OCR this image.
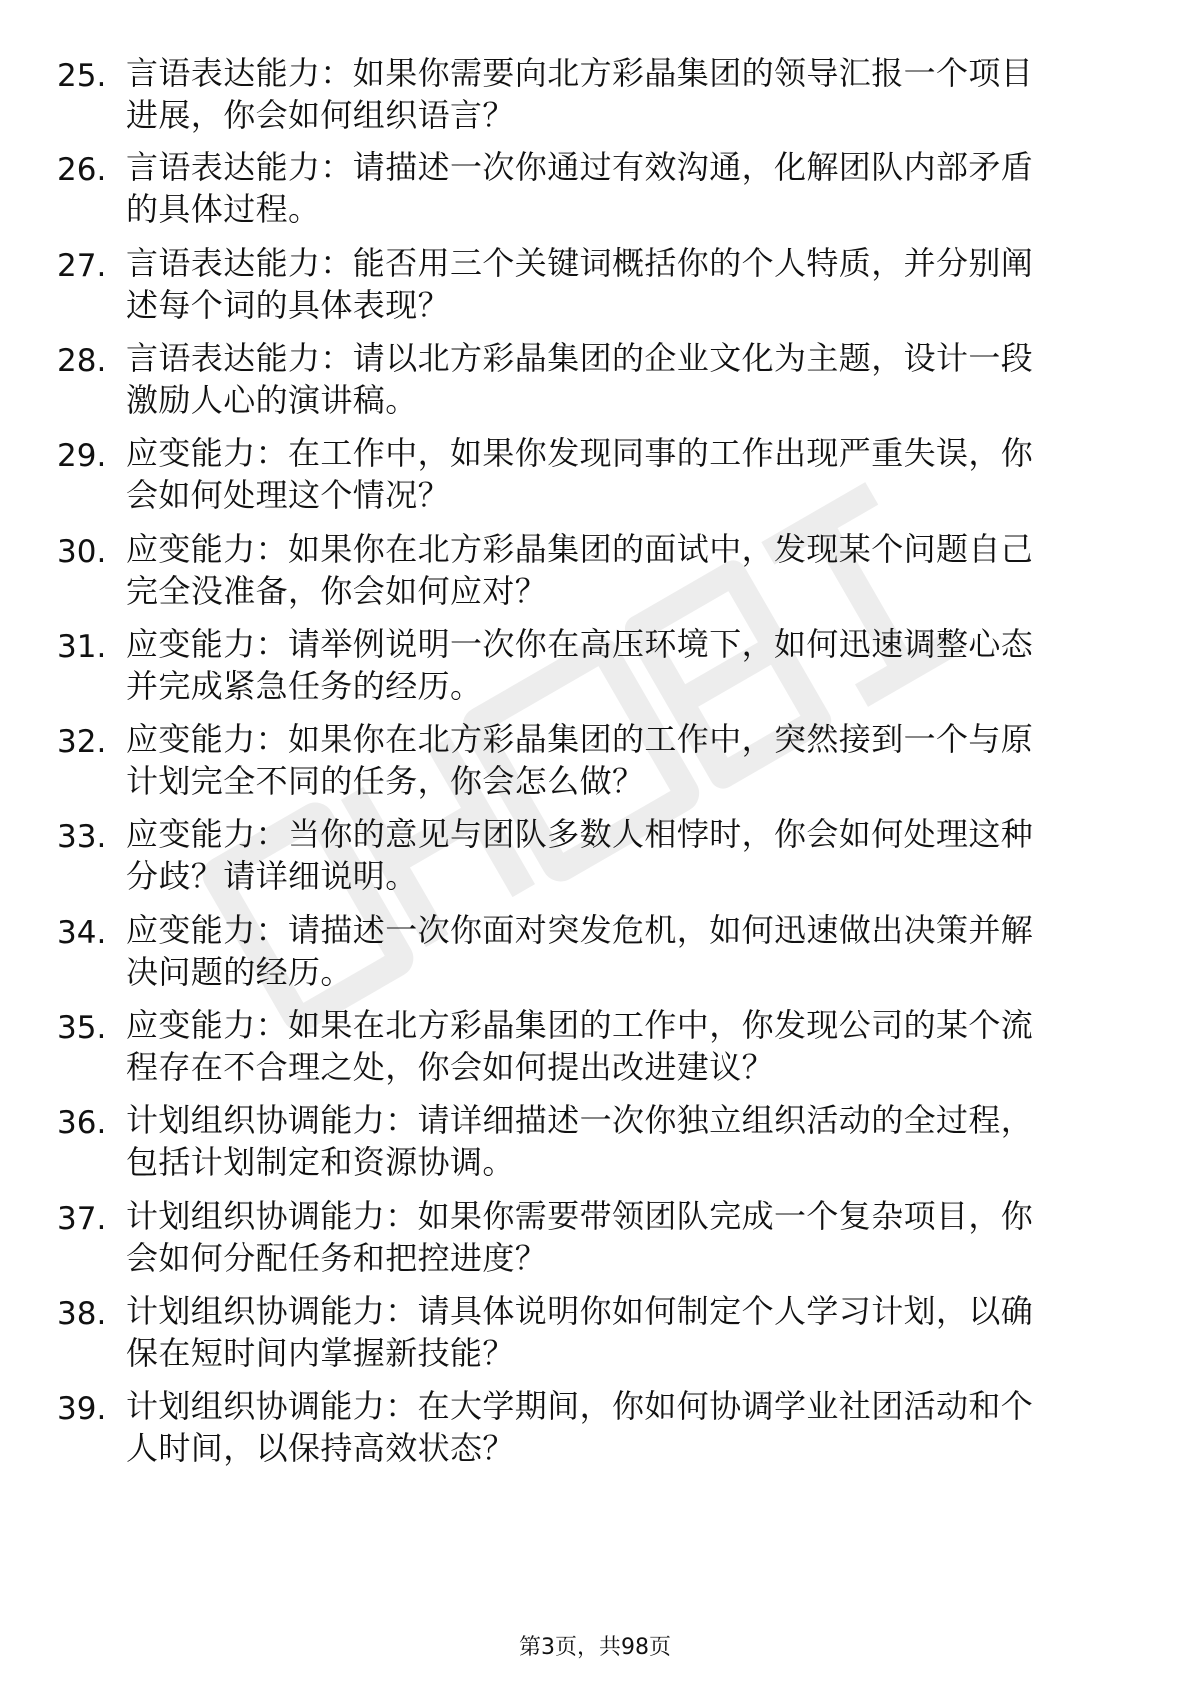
25. 言语表达能力：如果你需要向北方彩晶集团的领导汇报一个项目
进展，你会如何组织语言？
26. 言语表达能力：请描述一次你通过有效沟通，化解团队内部矛盾
的具体过程。
27. 言语表达能力：能否用三个关键词概括你的个人特质，并分别阐
述每个词的具体表现？
28. 言语表达能力：请以北方彩晶集团的企业文化为主题，设计一段
激励人心的演讲稿。
29. 应变能力：在工作中，如果你发现同事的工作出现严重失误，你
会如何处理这个情况？
30. 应变能力：如果你在北方彩晶集团的面试中，发现某个问题自己
完全没准备，你会如何应对？
31. 应变能力：请举例说明一次你在高压环境下，如何迅速调整心态
并完成紧急任务的经历。
32. 应变能力：如果你在北方彩晶集团的工作中，突然接到一个与原
计划完全不同的任务，你会怎么做？
33. 应变能力：当你的意见与团队多数人相悖时，你会如何处理这种
分歧？请详细说明。
34. 应变能力：请描述一次你面对突发危机，如何迅速做出决策并解
决问题的经历。
35. 应变能力：如果在北方彩晶集团的工作中，你发现公司的某个流
程存在不合理之处，你会如何提出改进建议？
36. 计划组织协调能力：请详细描述一次你独立组织活动的全过程，
包括计划制定和资源协调。
37. 计划组织协调能力：如果你需要带领团队完成一个复杂项目，你
会如何分配任务和把控进度？
38. 计划组织协调能力：请具体说明你如何制定个人学习计划，以确
保在短时间内掌握新技能？
39. 计划组织协调能力：在大学期间，你如何协调学业社团活动和个
人时间，以保持高效状态？
第3页，共98页
